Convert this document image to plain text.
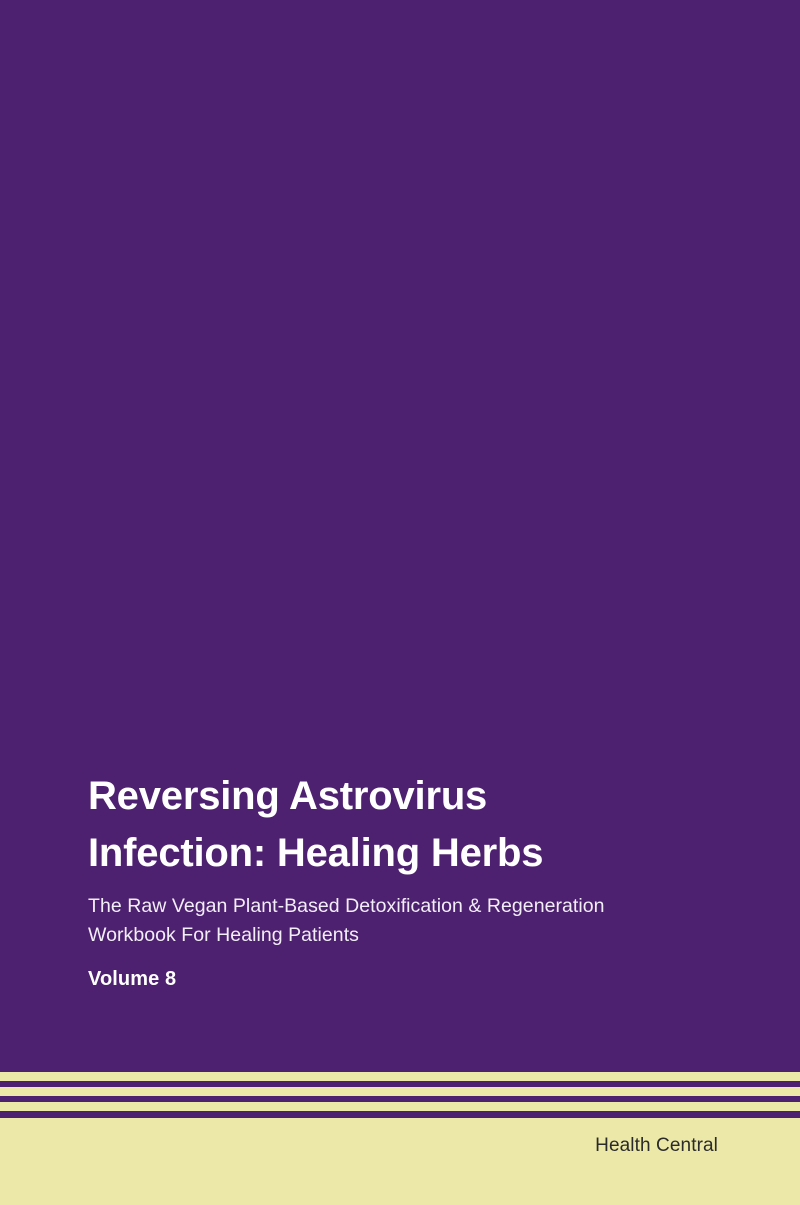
Reversing Astrovirus
Infection: Healing Herbs

The Raw Vegan Plant-Based Detoxification & Regeneration

Workbook For Healing Patients

Volume 8

Health Central
